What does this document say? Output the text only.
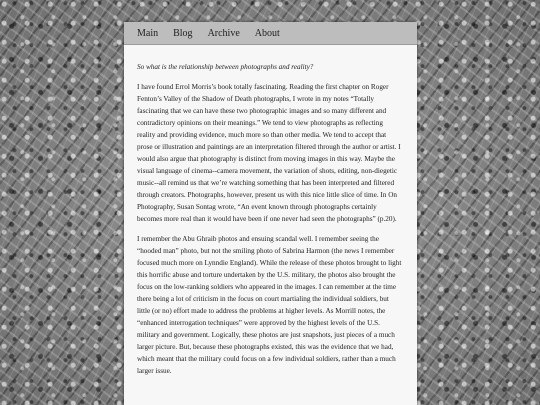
Main Blog Archive About

So what is the relationship between photographs and reality?

I have found Errol Morris’s book totally fascinating. Reading the first chapter on Roger Fenton’s Valley of the Shadow of Death photographs, I wrote in my notes “Totally fascinating that we can have these two photographic images and so many different and contradictory opinions on their meanings.” We tend to view photographs as reflecting reality and providing evidence, much more so than other media. We tend to accept that prose or illustration and paintings are an interpretation filtered through the author or artist. I would also argue that photography is distinct from moving images in this way. Maybe the visual language of cinema--camera movement, the variation of shots, editing, non-diegetic music--all remind us that we’re watching something that has been interpreted and filtered through creators. Photographs, however, present us with this nice little slice of time. In On Photography, Susan Sontag wrote, “An event known through photographs certainly becomes more real than it would have been if one never had seen the photographs” (p.20).

I remember the Abu Ghraib photos and ensuing scandal well. I remember seeing the “hooded man” photo, but not the smiling photo of Sabrina Harmon (the news I remember focused much more on Lynndie England). While the release of these photos brought to light this horrific abuse and torture undertaken by the U.S. military, the photos also brought the focus on the low-ranking soldiers who appeared in the images. I can remember at the time there being a lot of criticism in the focus on court martialing the individual soldiers, but little (or no) effort made to address the problems at higher levels. As Morrill notes, the “enhanced interrogation techniques” were approved by the highest levels of the U.S. military and government. Logically, these photos are just snapshots, just pieces of a much larger picture. But, because these photographs existed, this was the evidence that we had, which meant that the military could focus on a few individual soldiers, rather than a much larger issue.
